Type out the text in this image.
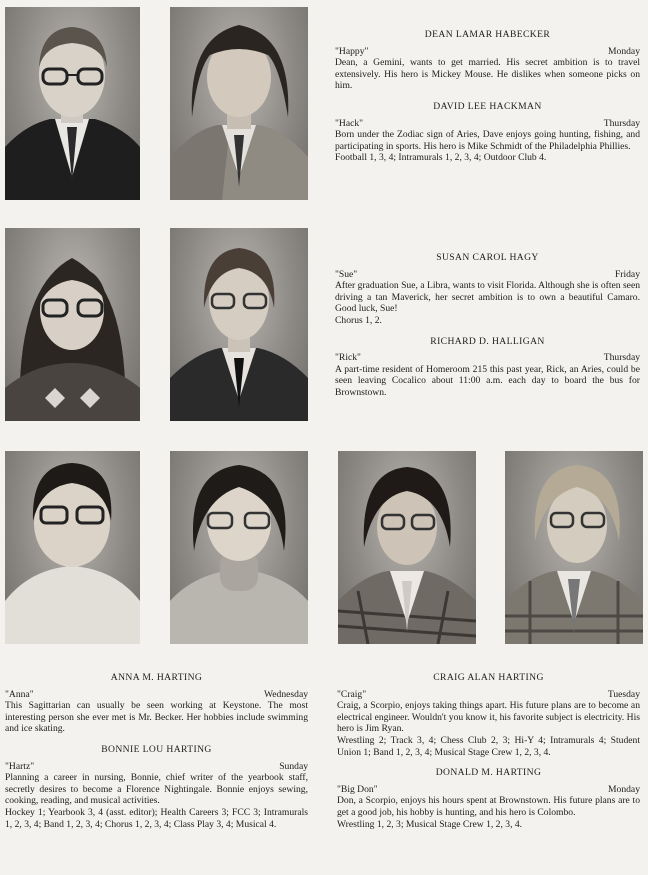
DEAN LAMAR HABECKER
"Happy"	Monday

Dean, a Gemini, wants to get married. His secret ambition is to travel extensively. His hero is Mickey Mouse. He dislikes when someone picks on him.

DAVID LEE HACKMAN
"Hack"	Thursday

Born under the Zodiac sign of Aries, Dave enjoys going hunting, fishing, and participating in sports. His hero is Mike Schmidt of the Philadelphia Phillies.

Football 1, 3, 4; Intramurals 1, 2, 3, 4; Outdoor Club 4.

SUSAN CAROL HAGY
"Sue"	Friday

After graduation Sue, a Libra, wants to visit Florida. Although she is often seen driving a tan Maverick, her secret ambition is to own a beautiful Camaro. Good luck, Sue!

Chorus 1, 2.

RICHARD D. HALLIGAN
"Rick"	Thursday

A part-time resident of Homeroom 215 this past year, Rick, an Aries, could be seen leaving Cocalico about 11:00 a.m. each day to board the bus for Brownstown.

ANNA M. HARTING
"Anna"	Wednesday

This Sagittarian can usually be seen working at Keystone. The most interesting person she ever met is Mr. Becker. Her hobbies include swimming and ice skating.

BONNIE LOU HARTING
"Hartz"	Sunday

Planning a career in nursing, Bonnie, chief writer of the yearbook staff, secretly desires to become a Florence Nightingale. Bonnie enjoys sewing, cooking, reading, and musical activities.

Hockey 1; Yearbook 3, 4 (asst. editor); Health Careers 3; FCC 3; Intramurals 1, 2, 3, 4; Band 1, 2, 3, 4; Chorus 1, 2, 3, 4; Class Play 3, 4; Musical 4.

CRAIG ALAN HARTING
"Craig"	Tuesday

Craig, a Scorpio, enjoys taking things apart. His future plans are to become an electrical engineer. Wouldn't you know it, his favorite subject is electricity. His hero is Jim Ryan.

Wrestling 2; Track 3, 4; Chess Club 2, 3; Hi-Y 4; Intramurals 4; Student Union 1; Band 1, 2, 3, 4; Musical Stage Crew 1, 2, 3, 4.

DONALD M. HARTING
"Big Don"	Monday

Don, a Scorpio, enjoys his hours spent at Brownstown. His future plans are to get a good job, his hobby is hunting, and his hero is Colombo.

Wrestling 1, 2, 3; Musical Stage Crew 1, 2, 3, 4.
